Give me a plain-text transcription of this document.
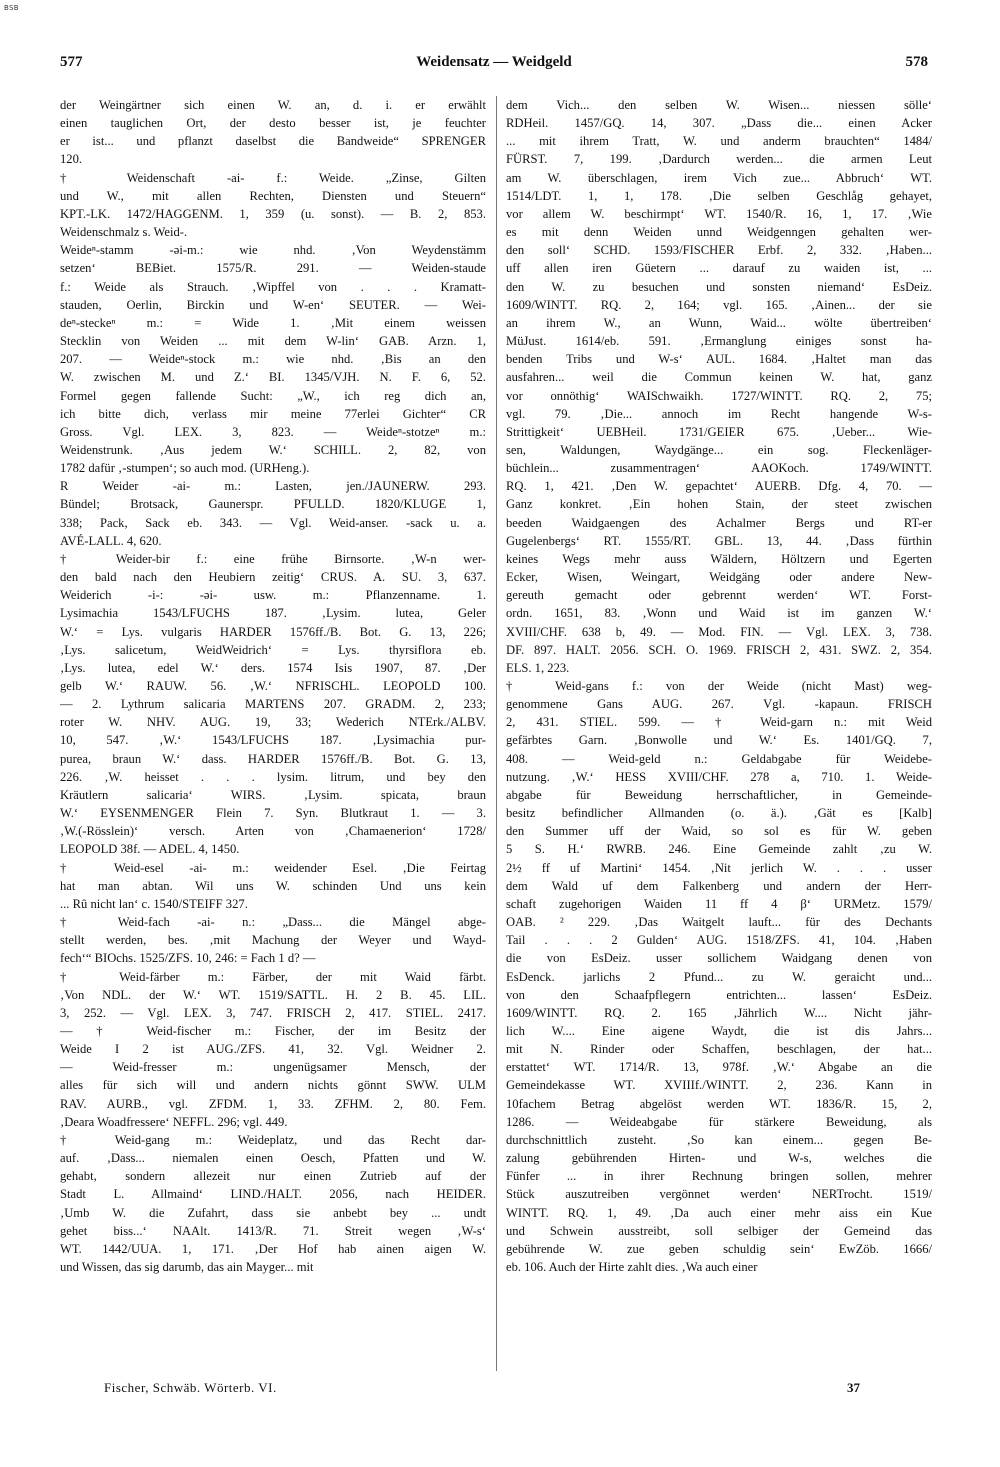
BSB
577	Weidensatz — Weidgeld	578
der Weingärtner sich einen W. an, d. i. er erwählt
einen tauglichen Ort, der desto besser ist, je feuchter
er ist... und pflanzt daselbst die Bandweide“ SPRENGER
120.
† Weidenschaft -ai- f.: Weide. „Zinse, Gilten
und W., mit allen Rechten, Diensten und Steuern“
KPT.-LK. 1472/HAGGENM. 1, 359 (u. sonst). — B. 2, 853.
Weidenschmalz s. Weid-.
Weideⁿ-stamm -əi-m.: wie nhd. ‚Von Weydenstämm
setzen‘ BEBiet. 1575/R. 291. — Weiden-staude
f.: Weide als Strauch. ‚Wipffel von . . . Kramatt-
stauden, Oerlin, Birckin und W-en‘ SEUTER. — Wei-
deⁿ-steckeⁿ m.: = Wide 1. ‚Mit einem weissen
Stecklin von Weiden ... mit dem W-lin‘ GAB. Arzn. 1,
207. — Weideⁿ-stock m.: wie nhd. ‚Bis an den
W. zwischen M. und Z.‘ BI. 1345/VJH. N. F. 6, 52.
Formel gegen fallende Sucht: „W., ich reg dich an,
ich bitte dich, verlass mir meine 77erlei Gichter“ CR
Gross. Vgl. LEX. 3, 823. — Weideⁿ-stotzeⁿ m.:
Weidenstrunk. ‚Aus jedem W.‘ SCHILL. 2, 82, von
1782 dafür ‚-stumpen‘; so auch mod. (URHeng.).
R Weider -ai- m.: Lasten, jen./JAUNERW. 293.
Bündel; Brotsack, Gaunerspr. PFULLD. 1820/KLUGE 1,
338; Pack, Sack eb. 343. — Vgl. Weid-anser. -sack u. a.
AVÉ-LALL. 4, 620.
† Weider-bir f.: eine frühe Birnsorte. ‚W-n wer-
den bald nach den Heubiern zeitig‘ CRUS. A. SU. 3, 637.
Weiderich -i-: -əi- usw. m.: Pflanzenname. 1.
Lysimachia 1543/LFUCHS 187. ‚Lysim. lutea, Geler
W.‘ = Lys. vulgaris HARDER 1576ff./B. Bot. G. 13, 226;
‚Lys. salicetum, WeidWeidrich‘ = Lys. thyrsiflora eb.
‚Lys. lutea, edel W.‘ ders. 1574 Isis 1907, 87. ‚Der
gelb W.‘ RAUW. 56. ‚W.‘ NFRISCHL. LEOPOLD 100.
— 2. Lythrum salicaria MARTENS 207. GRADM. 2, 233;
roter W. NHV. AUG. 19, 33; Wederich NTErk./ALBV.
10, 547. ‚W.‘ 1543/LFUCHS 187. ‚Lysimachia pur-
purea, braun W.‘ dass. HARDER 1576ff./B. Bot. G. 13,
226. ‚W. heisset . . . lysim. litrum, und bey den
Kräutlern salicaria‘ WIRS. ‚Lysim. spicata, braun
W.‘ EYSENMENGER Flein 7. Syn. Blutkraut 1. — 3.
‚W.(-Rösslein)‘ versch. Arten von ‚Chamaenerion‘ 1728/
LEOPOLD 38f. — ADEL. 4, 1450.
† Weid-esel -ai- m.: weidender Esel. ‚Die Feirtag
hat man abtan. Wil uns W. schinden Und uns kein
... Rû nicht lan‘ c. 1540/STEIFF 327.
† Weid-fach -ai- n.: „Dass... die Mängel abge-
stellt werden, bes. ‚mit Machung der Weyer und Wayd-
fech‘“ BIOchs. 1525/ZFS. 10, 246: = Fach 1 d? —
† Weid-färber m.: Färber, der mit Waid färbt.
‚Von NDL. der W.‘ WT. 1519/SATTL. H. 2 B. 45. LIL.
3, 252. — Vgl. LEX. 3, 747. FRISCH 2, 417. STIEL. 2417.
— † Weid-fischer m.: Fischer, der im Besitz der
Weide I 2 ist AUG./ZFS. 41, 32. Vgl. Weidner 2.
— Weid-fresser m.: ungenügsamer Mensch, der
alles für sich will und andern nichts gönnt SWW. ULM
RAV. AURB., vgl. ZFDM. 1, 33. ZFHM. 2, 80. Fem.
‚Deara Woadfressere‘ NEFFL. 296; vgl. 449.
† Weid-gang m.: Weideplatz, und das Recht dar-
auf. ‚Dass... niemalen einen Oesch, Pfatten und W.
gehabt, sondern allezeit nur einen Zutrieb auf der
Stadt L. Allmaind‘ LIND./HALT. 2056, nach HEIDER.
‚Umb W. die Zufahrt, dass sie anbebt bey ... undt
gehet biss...‘ NAAlt. 1413/R. 71. Streit wegen ‚W-s‘
WT. 1442/UUA. 1, 171. ‚Der Hof hab ainen aigen W.
und Wissen, das sig darumb, das ain Mayger... mit
dem Vich... den selben W. Wisen... niessen sölle‘
RDHeil. 1457/GQ. 14, 307. „Dass die... einen Acker
... mit ihrem Tratt, W. und anderm brauchten“ 1484/
FÜRST. 7, 199. ‚Dardurch werden... die armen Leut
am W. überschlagen, irem Vich zue... Abbruch‘ WT.
1514/LDT. 1, 1, 178. ‚Die selben Geschlåg gehayet,
vor allem W. beschirmpt‘ WT. 1540/R. 16, 1, 17. ‚Wie
es mit denn Weiden unnd Weidgenngen gehalten wer-
den soll‘ SCHD. 1593/FISCHER Erbf. 2, 332. ‚Haben...
uff allen iren Güetern ... darauf zu waiden ist, ...
den W. zu besuchen und sonsten niemand‘ EsDeiz.
1609/WINTT. RQ. 2, 164; vgl. 165. ‚Ainen... der sie
an ihrem W., an Wunn, Waid... wölte übertreiben‘
MüJust. 1614/eb. 591. ‚Ermanglung einiges sonst ha-
benden Tribs und W-s‘ AUL. 1684. ‚Haltet man das
ausfahren... weil die Commun keinen W. hat, ganz
vor onnöthig‘ WAISchwaikh. 1727/WINTT. RQ. 2, 75;
vgl. 79. ‚Die... annoch im Recht hangende W-s-
Strittigkeit‘ UEBHeil. 1731/GEIER 675. ‚Ueber... Wie-
sen, Waldungen, Waydgänge... ein sog. Fleckenläger-
büchlein... zusammentragen‘ AAOKoch. 1749/WINTT.
RQ. 1, 421. ‚Den W. gepachtet‘ AUERB. Dfg. 4, 70. —
Ganz konkret. ‚Ein hohen Stain, der steet zwischen
beeden Waidgaengen des Achalmer Bergs und RT-er
Gugelenbergs‘ RT. 1555/RT. GBL. 13, 44. ‚Dass fürthin
keines Wegs mehr auss Wäldern, Höltzern und Egerten
Ecker, Wisen, Weingart, Weidgäng oder andere New-
gereuth gemacht oder gebrennt werden‘ WT. Forst-
ordn. 1651, 83. ‚Wonn und Waid ist im ganzen W.‘
XVIII/CHF. 638 b, 49. — Mod. FIN. — Vgl. LEX. 3, 738.
DF. 897. HALT. 2056. SCH. O. 1969. FRISCH 2, 431. SWZ. 2, 354.
ELS. 1, 223.
† Weid-gans f.: von der Weide (nicht Mast) weg-
genommene Gans AUG. 267. Vgl. -kapaun. FRISCH
2, 431. STIEL. 599. — † Weid-garn n.: mit Weid
gefärbtes Garn. ‚Bonwolle und W.‘ Es. 1401/GQ. 7,
408. — Weid-geld n.: Geldabgabe für Weidebe-
nutzung. ‚W.‘ HESS XVIII/CHF. 278 a, 710. 1. Weide-
abgabe für Beweidung herrschaftlicher, in Gemeinde-
besitz befindlicher Allmanden (o. ä.). ‚Gät es [Kalb]
den Summer uff der Waid, so sol es für W. geben
5 S. H.‘ RWRB. 246. Eine Gemeinde zahlt ‚zu W.
2½ ff uf Martini‘ 1454. ‚Nit jerlich W. . . . usser
dem Wald uf dem Falkenberg und andern der Herr-
schaft zugehorigen Waiden 11 ff 4 β‘ URMetz. 1579/
OAB. ² 229. ‚Das Waitgelt lauft... für des Dechants
Tail . . . 2 Gulden‘ AUG. 1518/ZFS. 41, 104. ‚Haben
die von EsDeiz. usser sollichem Waidgang denen von
EsDenck. jarlichs 2 Pfund... zu W. geraicht und...
von den Schaafpflegern entrichten... lassen‘ EsDeiz.
1609/WINTT. RQ. 2. 165 ‚Jährlich W.... Nicht jähr-
lich W.... Eine aigene Waydt, die ist dis Jahrs...
mit N. Rinder oder Schaffen, beschlagen, der hat...
erstattet‘ WT. 1714/R. 13, 978f. ‚W.‘ Abgabe an die
Gemeindekasse WT. XVIIIf./WINTT. 2, 236. Kann in
10fachem Betrag abgelöst werden WT. 1836/R. 15, 2,
1286. — Weideabgabe für stärkere Beweidung, als
durchschnittlich zusteht. ‚So kan einem... gegen Be-
zalung gebührenden Hirten- und W-s, welches die
Fünfer ... in ihrer Rechnung bringen sollen, mehrer
Stück auszutreiben vergönnet werden‘ NERTrocht. 1519/
WINTT. RQ. 1, 49. ‚Da auch einer mehr aiss ein Kue
und Schwein ausstreibt, soll selbiger der Gemeind das
gebührende W. zue geben schuldig sein‘ EwZöb. 1666/
eb. 106. Auch der Hirte zahlt dies. ‚Wa auch einer
Fischer, Schwäb. Wörterb. VI.	37
